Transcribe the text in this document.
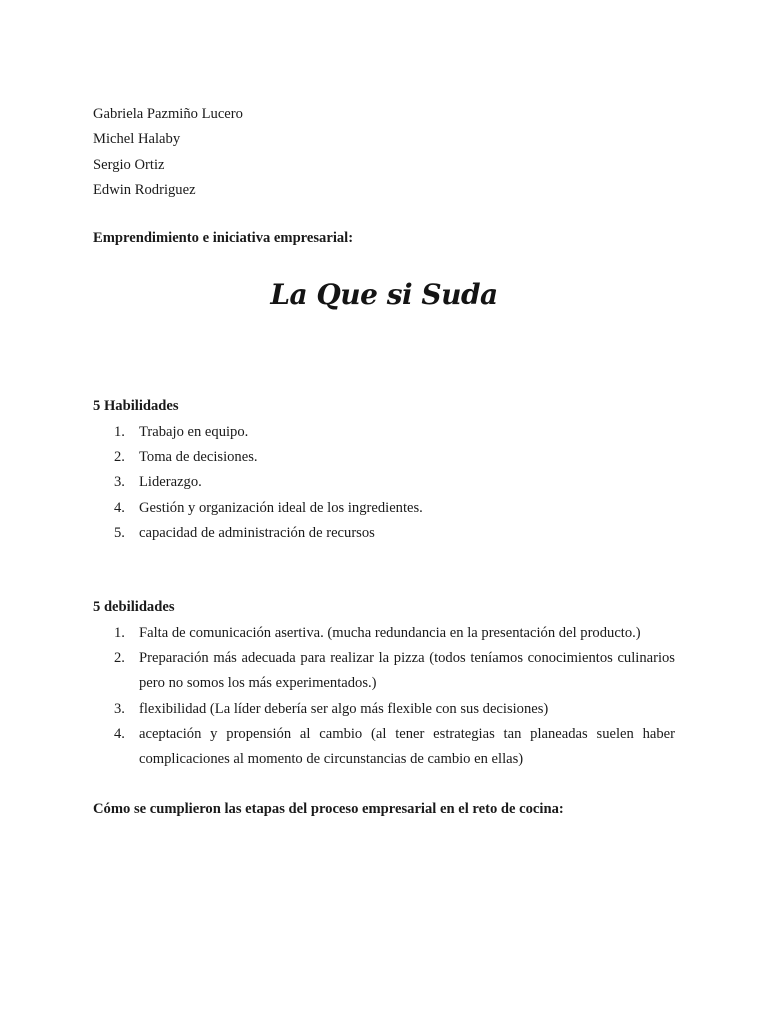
Gabriela Pazmiño Lucero
Michel Halaby
Sergio Ortiz
Edwin Rodriguez
Emprendimiento e iniciativa empresarial:
La Que si Suda
5 Habilidades
1. Trabajo en equipo.
2. Toma de decisiones.
3. Liderazgo.
4. Gestión y organización ideal de los ingredientes.
5. capacidad de administración de recursos
5 debilidades
1. Falta de comunicación asertiva. (mucha redundancia en la presentación del producto.)
2. Preparación más adecuada para realizar la pizza (todos teníamos conocimientos culinarios pero no somos los más experimentados.)
3. flexibilidad (La líder debería ser algo más flexible con sus decisiones)
4. aceptación y propensión al cambio (al tener estrategias tan planeadas suelen haber complicaciones al momento de circunstancias de cambio en ellas)
Cómo se cumplieron las etapas del proceso empresarial en el reto de cocina:
